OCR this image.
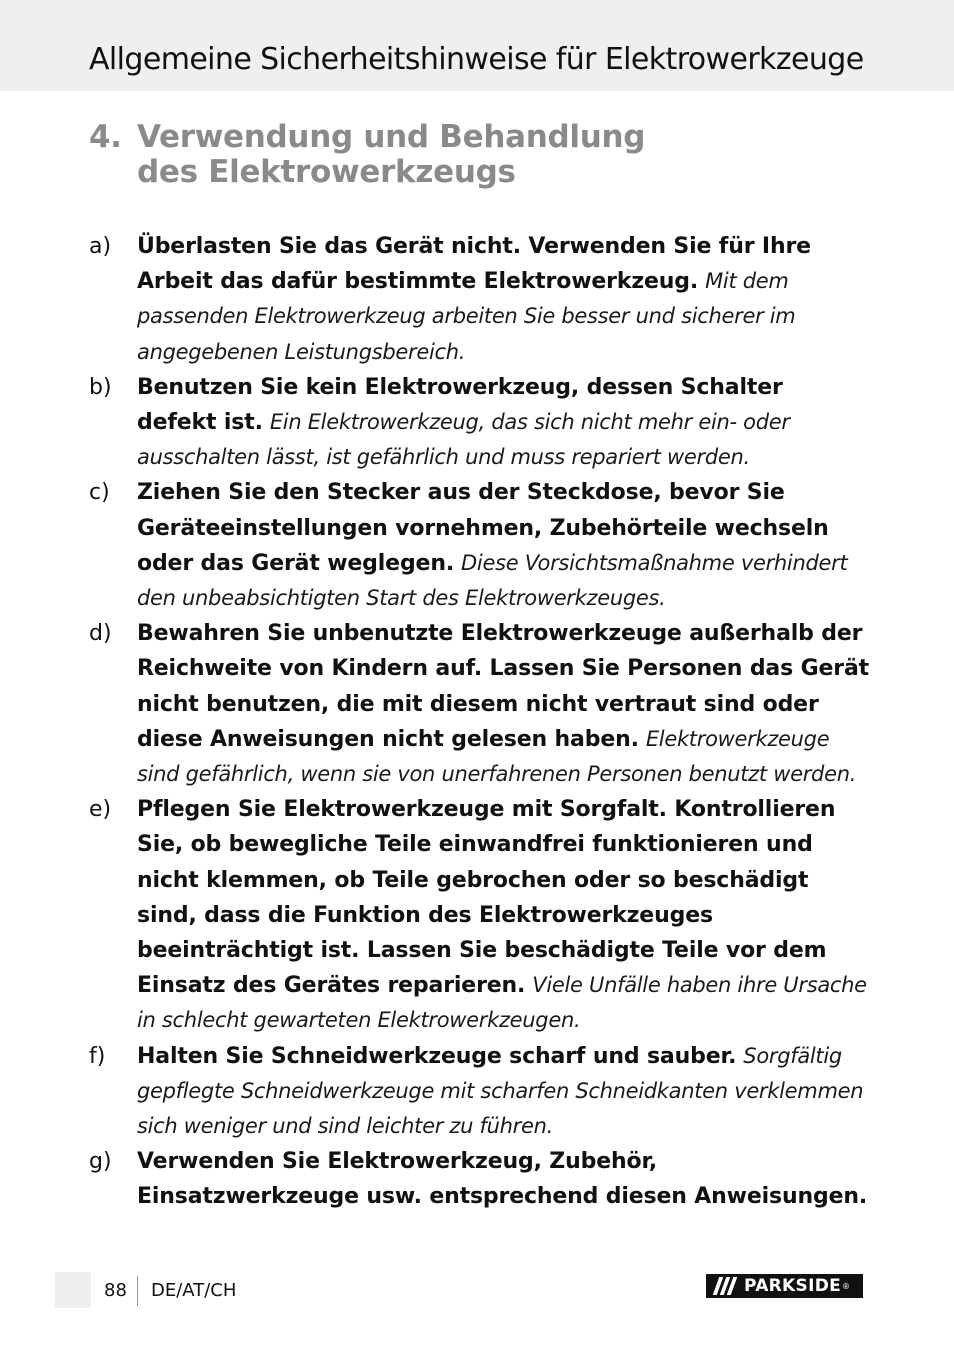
Allgemeine Sicherheitshinweise für Elektrowerkzeuge
4. Verwendung und Behandlung
des Elektrowerkzeugs
a)	Überlasten Sie das Gerät nicht. Verwenden Sie für Ihre Arbeit das dafür bestimmte Elektrowerkzeug. Mit dem passenden Elektrowerkzeug arbeiten Sie besser und sicherer im angegebenen Leistungsbereich.
b)	Benutzen Sie kein Elektrowerkzeug, dessen Schalter defekt ist. Ein Elektrowerkzeug, das sich nicht mehr ein- oder ausschalten lässt, ist gefährlich und muss repariert werden.
c)	Ziehen Sie den Stecker aus der Steckdose, bevor Sie Geräteeinstellungen vornehmen, Zubehörteile wechseln oder das Gerät weglegen. Diese Vorsichtsmaßnahme verhindert den unbeabsichtigten Start des Elektrowerkzeuges.
d)	Bewahren Sie unbenutzte Elektrowerkzeuge außerhalb der Reichweite von Kindern auf. Lassen Sie Personen das Gerät nicht benutzen, die mit diesem nicht vertraut sind oder diese Anweisungen nicht gelesen haben. Elektrowerkzeuge sind gefährlich, wenn sie von unerfahrenen Personen benutzt werden.
e)	Pflegen Sie Elektrowerkzeuge mit Sorgfalt. Kontrollieren Sie, ob bewegliche Teile einwandfrei funktionieren und nicht klemmen, ob Teile gebrochen oder so beschädigt sind, dass die Funktion des Elektrowerkzeuges beeinträchtigt ist. Lassen Sie beschädigte Teile vor dem Einsatz des Gerätes reparieren. Viele Unfälle haben ihre Ursache in schlecht gewarteten Elektrowerkzeugen.
f)	Halten Sie Schneidwerkzeuge scharf und sauber. Sorgfältig gepflegte Schneidwerkzeuge mit scharfen Schneidkanten verklemmen sich weniger und sind leichter zu führen.
g)	Verwenden Sie Elektrowerkzeug, Zubehör, Einsatzwerkzeuge usw. entsprechend diesen Anweisungen.
88 DE/AT/CH	PARKSIDE ®
